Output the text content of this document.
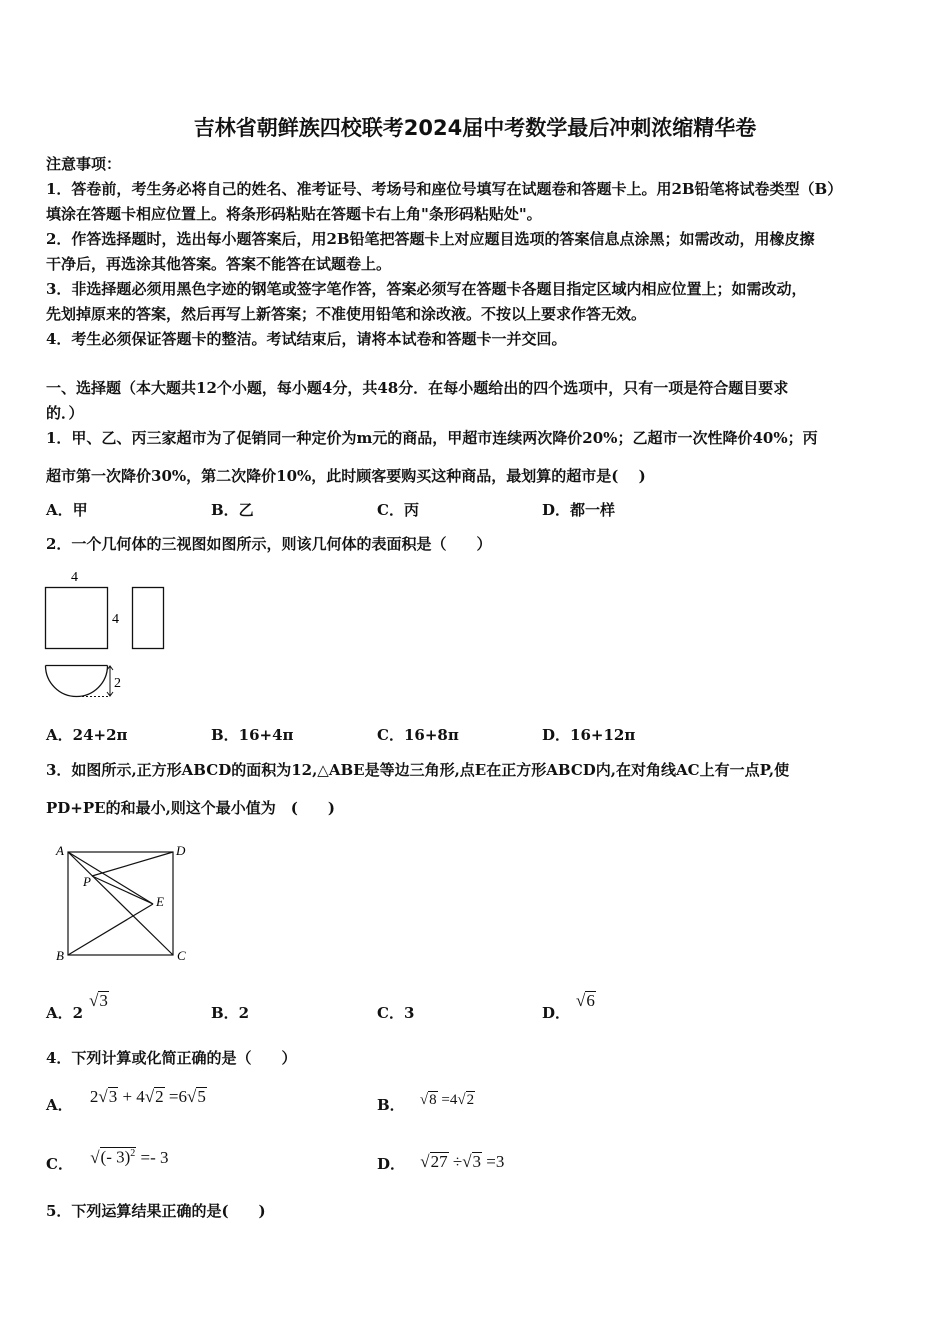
吉林省朝鲜族四校联考2024届中考数学最后冲刺浓缩精华卷
注意事项：
1．答卷前，考生务必将自己的姓名、准考证号、考场号和座位号填写在试题卷和答题卡上。用2B铅笔将试卷类型（B）
填涂在答题卡相应位置上。将条形码粘贴在答题卡右上角"条形码粘贴处"。
2．作答选择题时，选出每小题答案后，用2B铅笔把答题卡上对应题目选项的答案信息点涂黑；如需改动，用橡皮擦
干净后，再选涂其他答案。答案不能答在试题卷上。
3．非选择题必须用黑色字迹的钢笔或签字笔作答，答案必须写在答题卡各题目指定区域内相应位置上；如需改动，
先划掉原来的答案，然后再写上新答案；不准使用铅笔和涂改液。不按以上要求作答无效。
4．考生必须保证答题卡的整洁。考试结束后，请将本试卷和答题卡一并交回。
一、选择题（本大题共12个小题，每小题4分，共48分．在每小题给出的四个选项中，只有一项是符合题目要求
的．）
1．甲、乙、丙三家超市为了促销同一种定价为m元的商品，甲超市连续两次降价20%；乙超市一次性降价40%；丙
超市第一次降价30%，第二次降价10%，此时顾客要购买这种商品，最划算的超市是(　 )
A．甲	B．乙	C．丙	D．都一样
2．一个几何体的三视图如图所示，则该几何体的表面积是（　　）
4
4
2
A．24+2π	B．16+4π	C．16+8π	D．16+12π
3．如图所示,正方形ABCD的面积为12,△ABE是等边三角形,点E在正方形ABCD内,在对角线AC上有一点P,使
PD+PE的和最小,则这个最小值为　(　　)
A	D
P
E
B	C
A．2√3
B．2	C．3	D．√6
4．下列计算或化简正确的是（　　）
A． 2√3 + 4√2 =6√5	B． √8 =4√2
C． √(- 3)$^2$ =- 3	D． √27 ÷√3 =3
5．下列运算结果正确的是(　　)
